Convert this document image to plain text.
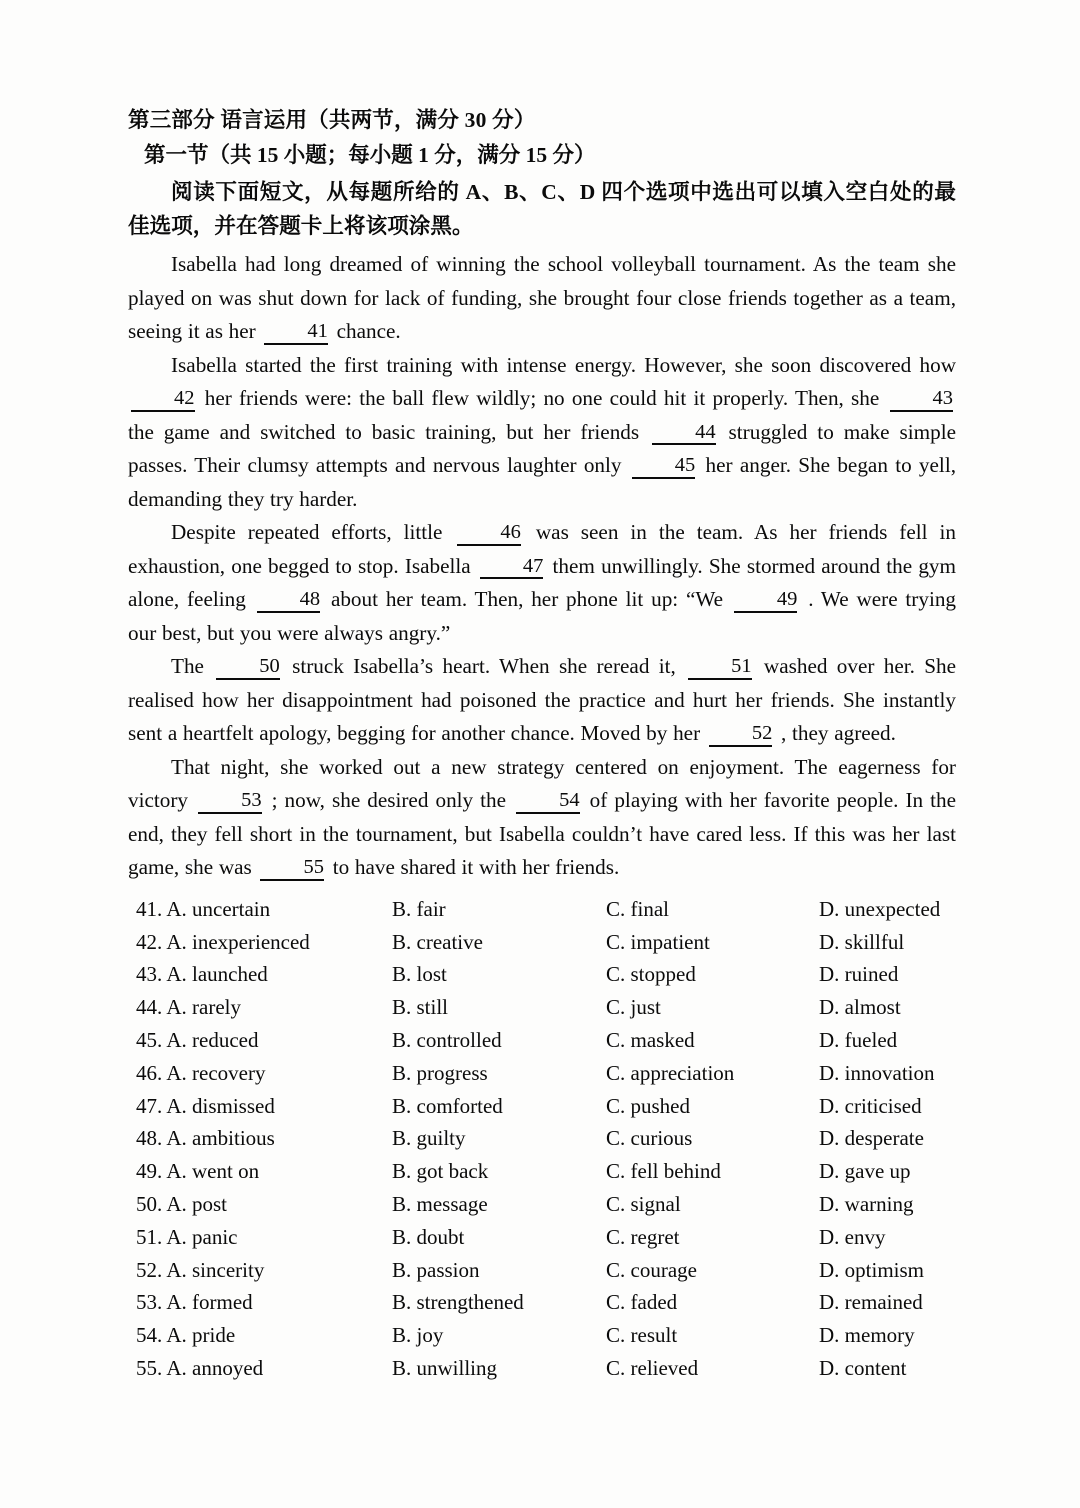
第三部分 语言运用（共两节，满分 30 分）
第一节（共 15 小题；每小题 1 分，满分 15 分）
阅读下面短文，从每题所给的 A、B、C、D 四个选项中选出可以填入空白处的最佳选项，并在答题卡上将该项涂黑。
Isabella had long dreamed of winning the school volleyball tournament. As the team she played on was shut down for lack of funding, she brought four close friends together as a team, seeing it as her	41 chance.
Isabella started the first training with intense energy. However, she soon discovered how 42 her friends were: the ball flew wildly; no one could hit it properly. Then, she	43 the game and switched to basic training, but her friends	44 struggled to make simple passes. Their clumsy attempts and nervous laughter only	45 her anger. She began to yell, demanding they try harder.
Despite repeated efforts, little	46 was seen in the team. As her friends fell in exhaustion, one begged to stop. Isabella	47 them unwillingly. She stormed around the gym alone, feeling	48 about her team. Then, her phone lit up: “We	49 . We were trying our best, but you were always angry.”
The	50 struck Isabella’s heart. When she reread it,	51 washed over her. She realised how her disappointment had poisoned the practice and hurt her friends. She instantly sent a heartfelt apology, begging for another chance. Moved by her	52 , they agreed.
That night, she worked out a new strategy centered on enjoyment. The eagerness for victory	53 ; now, she desired only the	54 of playing with her favorite people. In the end, they fell short in the tournament, but Isabella couldn’t have cared less. If this was her last game, she was	55 to have shared it with her friends.
41. A. uncertain	B. fair	C. final	D. unexpected
42. A. inexperienced	B. creative	C. impatient	D. skillful
43. A. launched	B. lost	C. stopped	D. ruined
44. A. rarely	B. still	C. just	D. almost
45. A. reduced	B. controlled	C. masked	D. fueled
46. A. recovery	B. progress	C. appreciation	D. innovation
47. A. dismissed	B. comforted	C. pushed	D. criticised
48. A. ambitious	B. guilty	C. curious	D. desperate
49. A. went on	B. got back	C. fell behind	D. gave up
50. A. post	B. message	C. signal	D. warning
51. A. panic	B. doubt	C. regret	D. envy
52. A. sincerity	B. passion	C. courage	D. optimism
53. A. formed	B. strengthened	C. faded	D. remained
54. A. pride	B. joy	C. result	D. memory
55. A. annoyed	B. unwilling	C. relieved	D. content
